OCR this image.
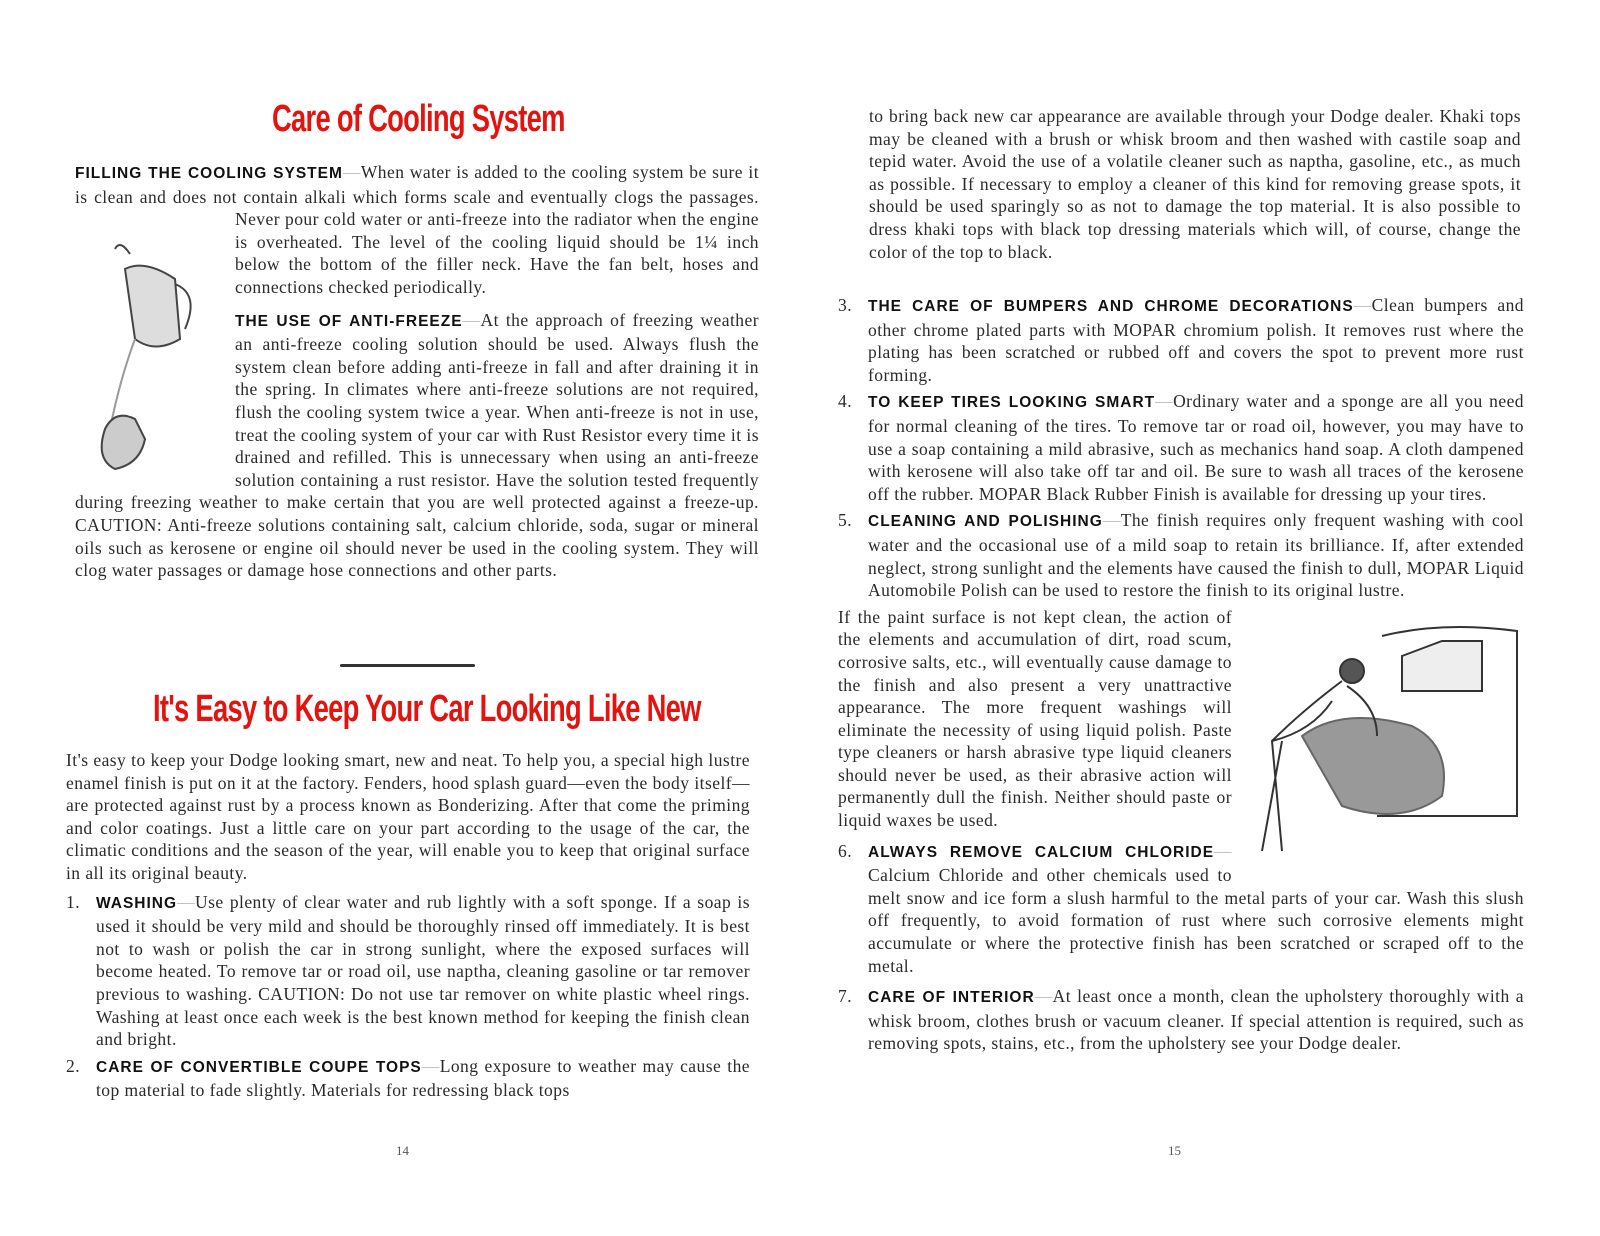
Care of Cooling System

FILLING THE COOLING SYSTEM—When water is added to the cooling system be sure it is clean and does not contain alkali which forms scale and eventually clogs the passages. Never pour cold water or anti-freeze into the radiator when the engine is overheated. The level of the cooling liquid should be 1¼ inch below the bottom of the filler neck. Have the fan belt, hoses and connections checked periodically.

THE USE OF ANTI-FREEZE—At the approach of freezing weather an anti-freeze cooling solution should be used. Always flush the system clean before adding anti-freeze in fall and after draining it in the spring. In climates where anti-freeze solutions are not required, flush the cooling system twice a year. When anti-freeze is not in use, treat the cooling system of your car with Rust Resistor every time it is drained and refilled. This is unnecessary when using an anti-freeze solution containing a rust resistor. Have the solution tested frequently during freezing weather to make certain that you are well protected against a freeze-up. CAUTION: Anti-freeze solutions containing salt, calcium chloride, soda, sugar or mineral oils such as kerosene or engine oil should never be used in the cooling system. They will clog water passages or damage hose connections and other parts.

It's Easy to Keep Your Car Looking Like New

It's easy to keep your Dodge looking smart, new and neat. To help you, a special high lustre enamel finish is put on it at the factory. Fenders, hood splash guard—even the body itself—are protected against rust by a process known as Bonderizing. After that come the priming and color coatings. Just a little care on your part according to the usage of the car, the climatic conditions and the season of the year, will enable you to keep that original surface in all its original beauty.

1. WASHING—Use plenty of clear water and rub lightly with a soft sponge. If a soap is used it should be very mild and should be thoroughly rinsed off immediately. It is best not to wash or polish the car in strong sunlight, where the exposed surfaces will become heated. To remove tar or road oil, use naptha, cleaning gasoline or tar remover previous to washing. CAUTION: Do not use tar remover on white plastic wheel rings. Washing at least once each week is the best known method for keeping the finish clean and bright.
2. CARE OF CONVERTIBLE COUPE TOPS—Long exposure to weather may cause the top material to fade slightly. Materials for redressing black tops
14

to bring back new car appearance are available through your Dodge dealer. Khaki tops may be cleaned with a brush or whisk broom and then washed with castile soap and tepid water. Avoid the use of a volatile cleaner such as naptha, gasoline, etc., as much as possible. If necessary to employ a cleaner of this kind for removing grease spots, it should be used sparingly so as not to damage the top material. It is also possible to dress khaki tops with black top dressing materials which will, of course, change the color of the top to black.

3. THE CARE OF BUMPERS AND CHROME DECORATIONS—Clean bumpers and other chrome plated parts with MOPAR chromium polish. It removes rust where the plating has been scratched or rubbed off and covers the spot to prevent more rust forming.
4. TO KEEP TIRES LOOKING SMART—Ordinary water and a sponge are all you need for normal cleaning of the tires. To remove tar or road oil, however, you may have to use a soap containing a mild abrasive, such as mechanics hand soap. A cloth dampened with kerosene will also take off tar and oil. Be sure to wash all traces of the kerosene off the rubber. MOPAR Black Rubber Finish is available for dressing up your tires.
5. CLEANING AND POLISHING—The finish requires only frequent washing with cool water and the occasional use of a mild soap to retain its brilliance. If, after extended neglect, strong sunlight and the elements have caused the finish to dull, MOPAR Liquid Automobile Polish can be used to restore the finish to its original lustre.

If the paint surface is not kept clean, the action of the elements and accumulation of dirt, road scum, corrosive salts, etc., will eventually cause damage to the finish and also present a very unattractive appearance. The more frequent washings will eliminate the necessity of using liquid polish. Paste type cleaners or harsh abrasive type liquid cleaners should never be used, as their abrasive action will permanently dull the finish. Neither should paste or liquid waxes be used.

6. ALWAYS REMOVE CALCIUM CHLORIDE—Calcium Chloride and other chemicals used to melt snow and ice form a slush harmful to the metal parts of your car. Wash this slush off frequently, to avoid formation of rust where such corrosive elements might accumulate or where the protective finish has been scratched or scraped off to the metal.
7. CARE OF INTERIOR—At least once a month, clean the upholstery thoroughly with a whisk broom, clothes brush or vacuum cleaner. If special attention is required, such as removing spots, stains, etc., from the upholstery see your Dodge dealer.
15
